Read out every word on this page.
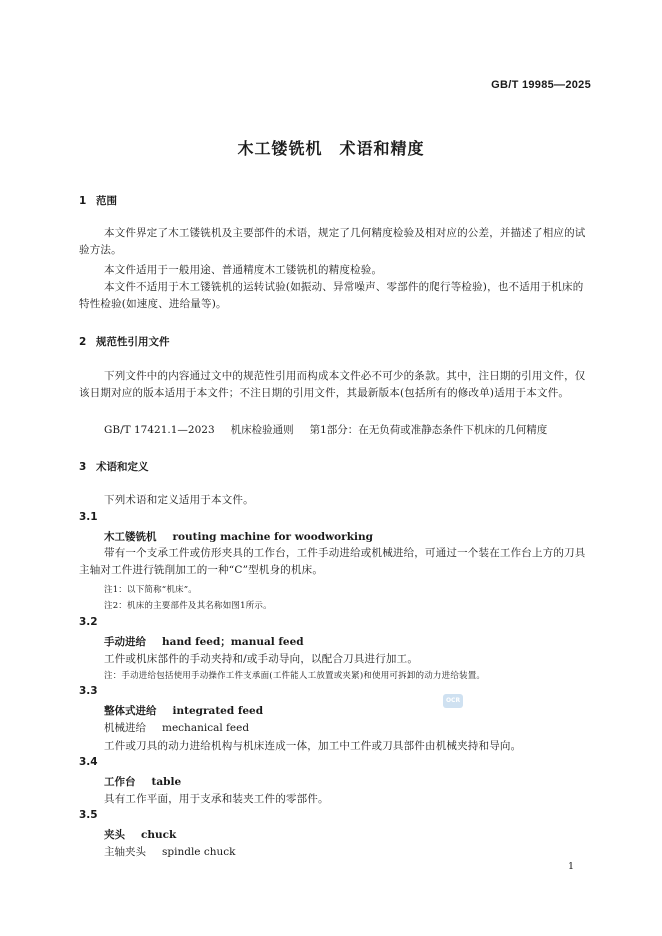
GB/T 19985—2025
木工镂铣机　术语和精度
1 范围
本文件界定了木工镂铣机及主要部件的术语，规定了几何精度检验及相对应的公差，并描述了相应的试验方法。
本文件适用于一般用途、普通精度木工镂铣机的精度检验。
本文件不适用于木工镂铣机的运转试验(如振动、异常噪声、零部件的爬行等检验)，也不适用于机床的特性检验(如速度、进给量等)。
2 规范性引用文件
下列文件中的内容通过文中的规范性引用而构成本文件必不可少的条款。其中，注日期的引用文件，仅该日期对应的版本适用于本文件；不注日期的引用文件，其最新版本(包括所有的修改单)适用于本文件。
GB/T 17421.1—2023 机床检验通则 第1部分：在无负荷或准静态条件下机床的几何精度
3 术语和定义
下列术语和定义适用于本文件。
3.1
木工镂铣机 routing machine for woodworking
带有一个支承工件或仿形夹具的工作台，工件手动进给或机械进给，可通过一个装在工作台上方的刀具主轴对工件进行铣削加工的一种“C”型机身的机床。
注1：以下简称“机床”。
注2：机床的主要部件及其名称如图1所示。
3.2
手动进给 hand feed；manual feed
工件或机床部件的手动夹持和/或手动导向，以配合刀具进行加工。
注：手动进给包括使用手动操作工件支承面(工件能人工放置或夹紧)和使用可拆卸的动力进给装置。
3.3
整体式进给 integrated feed
机械进给 mechanical feed
工件或刀具的动力进给机构与机床连成一体，加工中工件或刀具部件由机械夹持和导向。
3.4
工作台 table
具有工作平面，用于支承和装夹工件的零部件。
3.5
夹头 chuck
主轴夹头 spindle chuck
OCR
1
